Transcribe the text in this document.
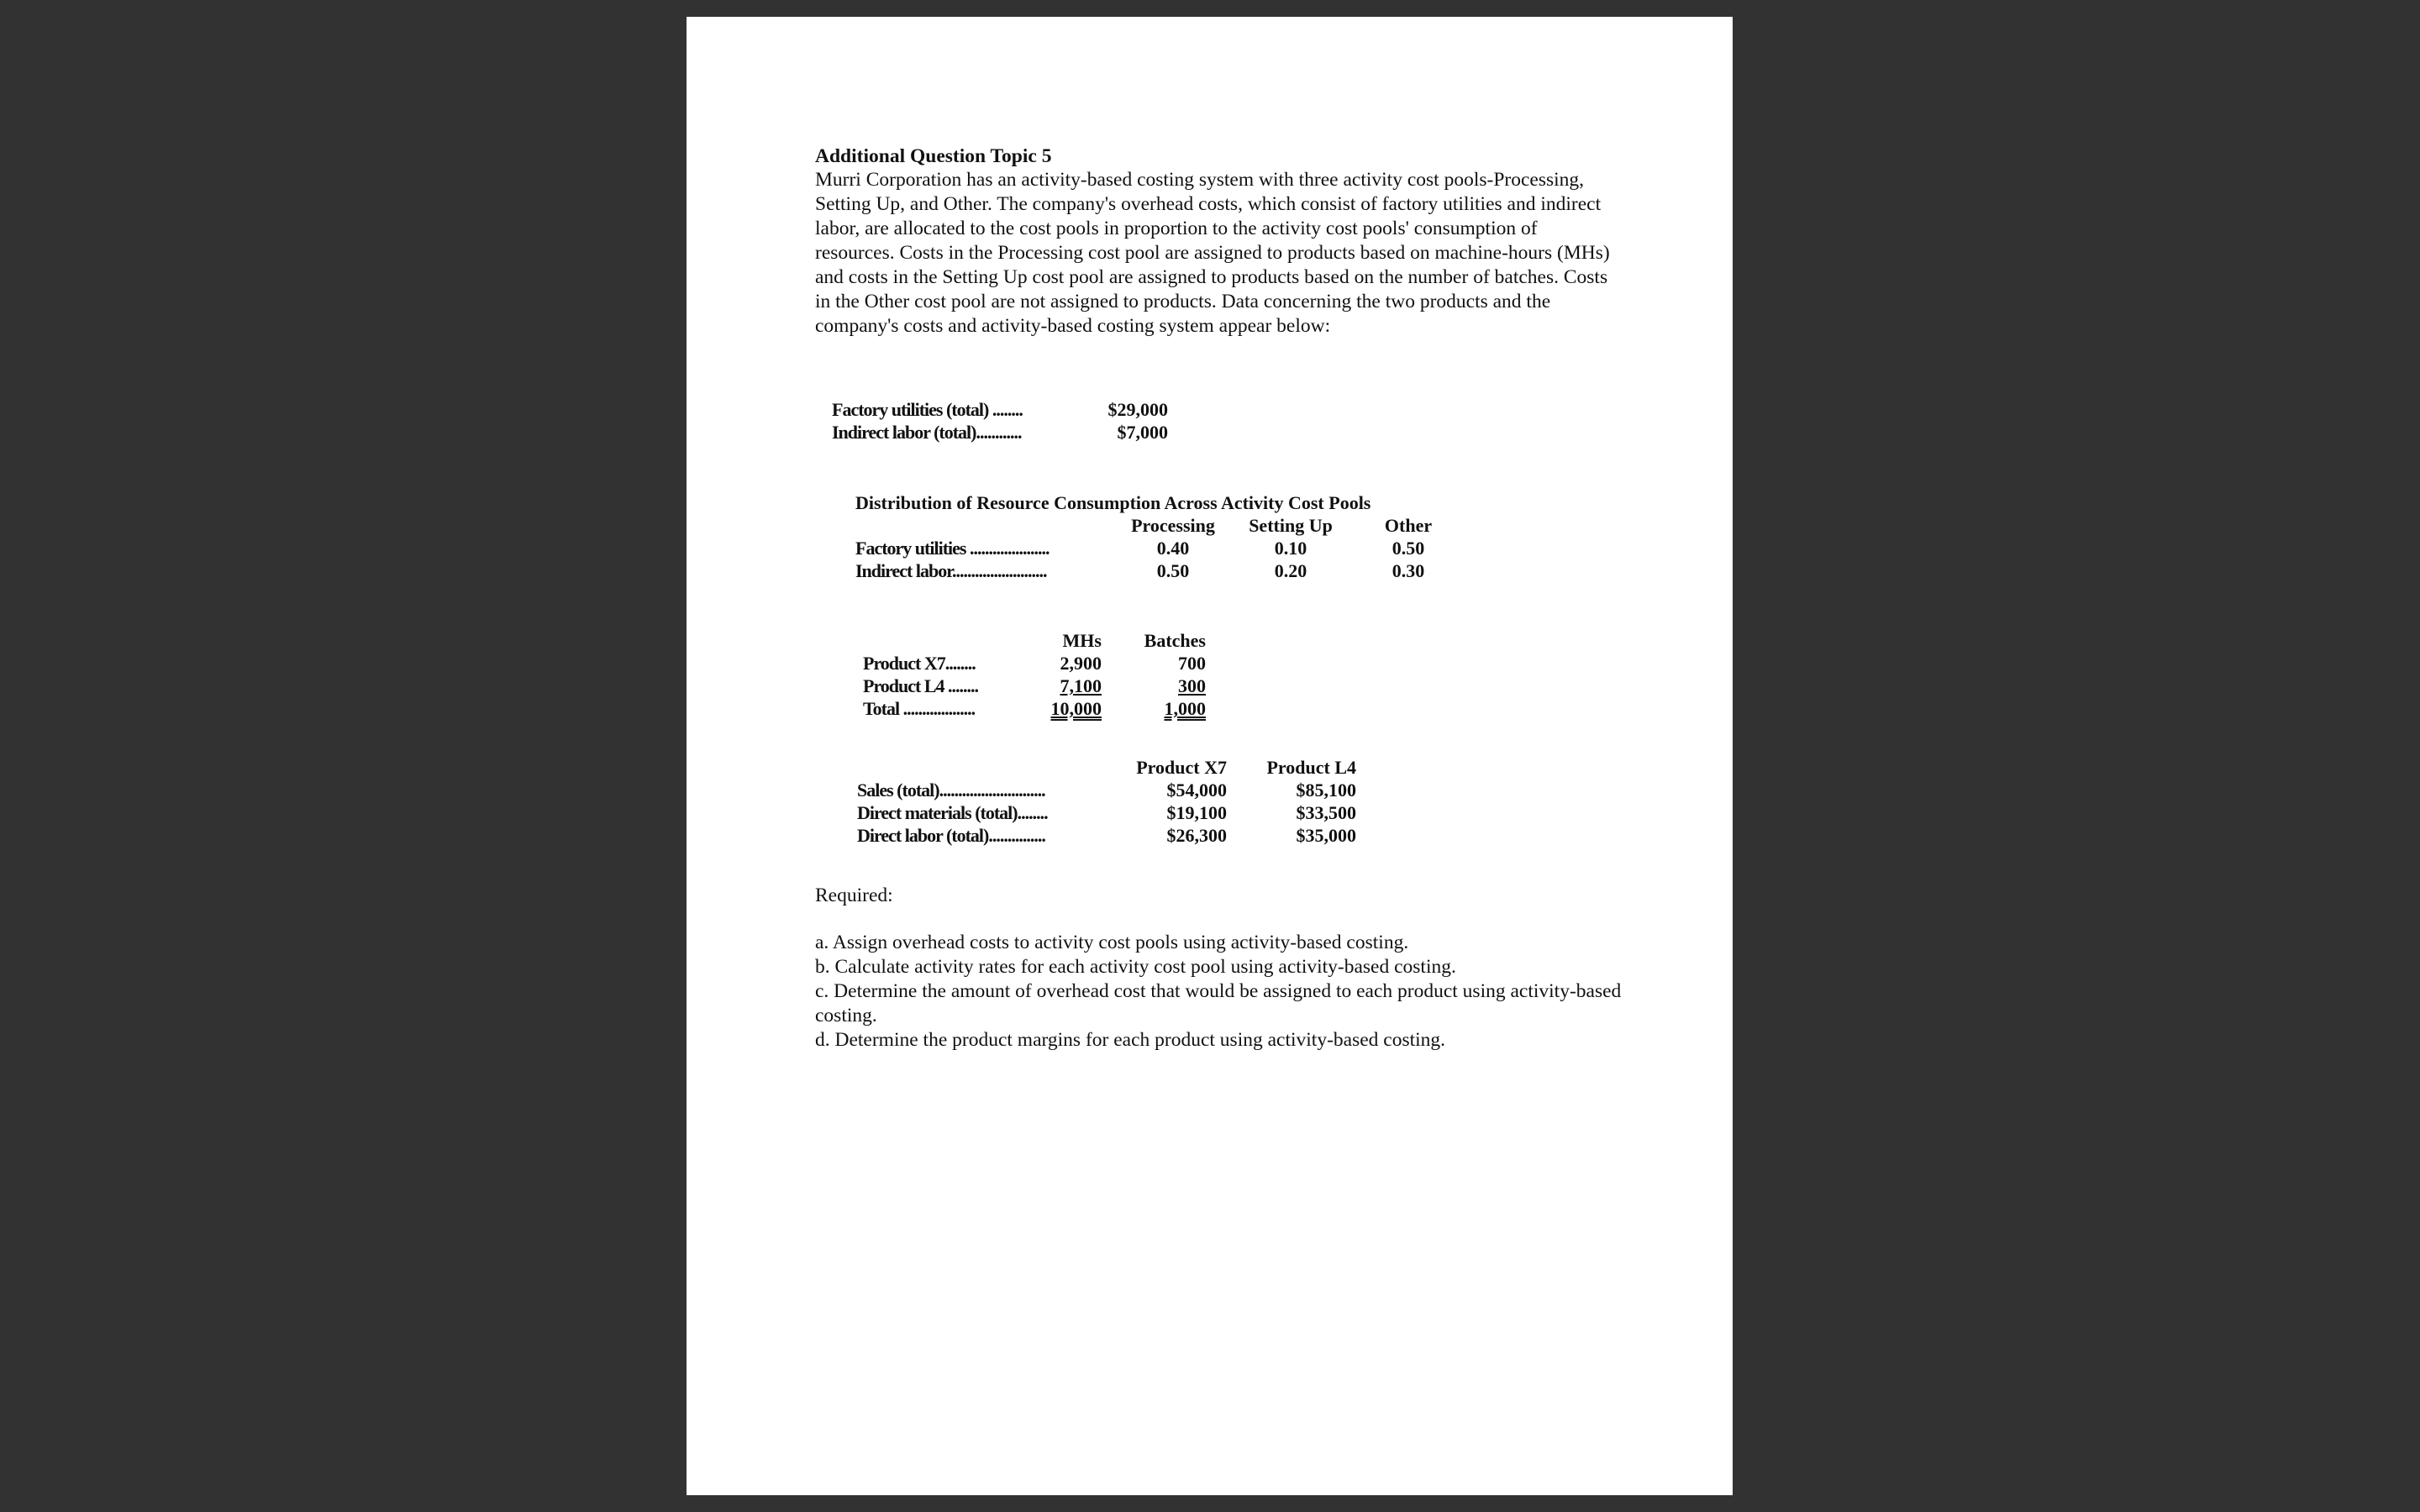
Additional Question Topic 5

Murri Corporation has an activity-based costing system with three activity cost pools-Processing, Setting Up, and Other. The company's overhead costs, which consist of factory utilities and indirect labor, are allocated to the cost pools in proportion to the activity cost pools' consumption of resources. Costs in the Processing cost pool are assigned to products based on machine-hours (MHs) and costs in the Setting Up cost pool are assigned to products based on the number of batches. Costs in the Other cost pool are not assigned to products. Data concerning the two products and the company's costs and activity-based costing system appear below:

Factory utilities (total) ........	$29,000
Indirect labor (total)............	$7,000
Distribution of Resource Consumption Across Activity Cost Pools
	Processing	Setting Up	Other
Factory utilities .....................	0.40	0.10	0.50
Indirect labor.........................	0.50	0.20	0.30
	MHs	Batches
Product X7........	2,900	700
Product L4 ........	7,100	300
Total ...................	10,000	1,000
	Product X7	Product L4
Sales (total)............................	$54,000	$85,100
Direct materials (total)........	$19,100	$33,500
Direct labor (total)...............	$26,300	$35,000

Required:

a. Assign overhead costs to activity cost pools using activity-based costing.

b. Calculate activity rates for each activity cost pool using activity-based costing.

c. Determine the amount of overhead cost that would be assigned to each product using activity-based costing.

d. Determine the product margins for each product using activity-based costing.
